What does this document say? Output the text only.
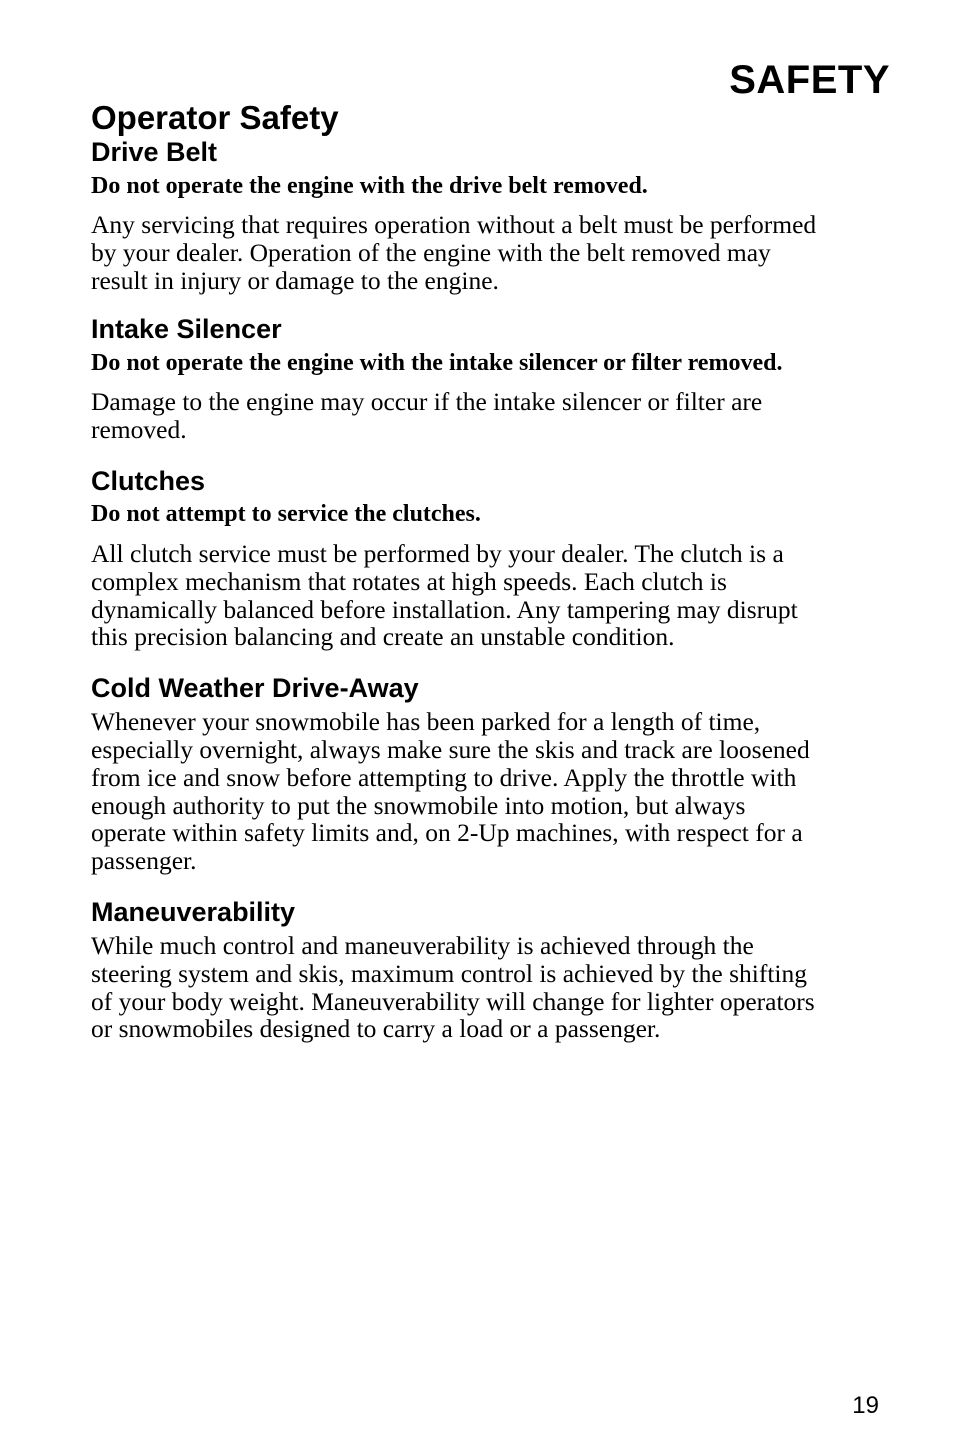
SAFETY
Operator Safety
Drive Belt

Do not operate the engine with the drive belt removed.

Any servicing that requires operation without a belt must be performed
by your dealer. Operation of the engine with the belt removed may
result in injury or damage to the engine.
Intake Silencer

Do not operate the engine with the intake silencer or filter removed.

Damage to the engine may occur if the intake silencer or filter are
removed.
Clutches

Do not attempt to service the clutches.

All clutch service must be performed by your dealer. The clutch is a
complex mechanism that rotates at high speeds. Each clutch is
dynamically balanced before installation. Any tampering may disrupt
this precision balancing and create an unstable condition.
Cold Weather Drive-Away
Whenever your snowmobile has been parked for a length of time,
especially overnight, always make sure the skis and track are loosened
from ice and snow before attempting to drive. Apply the throttle with
enough authority to put the snowmobile into motion, but always
operate within safety limits and, on 2-Up machines, with respect for a
passenger.
Maneuverability
While much control and maneuverability is achieved through the
steering system and skis, maximum control is achieved by the shifting
of your body weight. Maneuverability will change for lighter operators
or snowmobiles designed to carry a load or a passenger.

19
